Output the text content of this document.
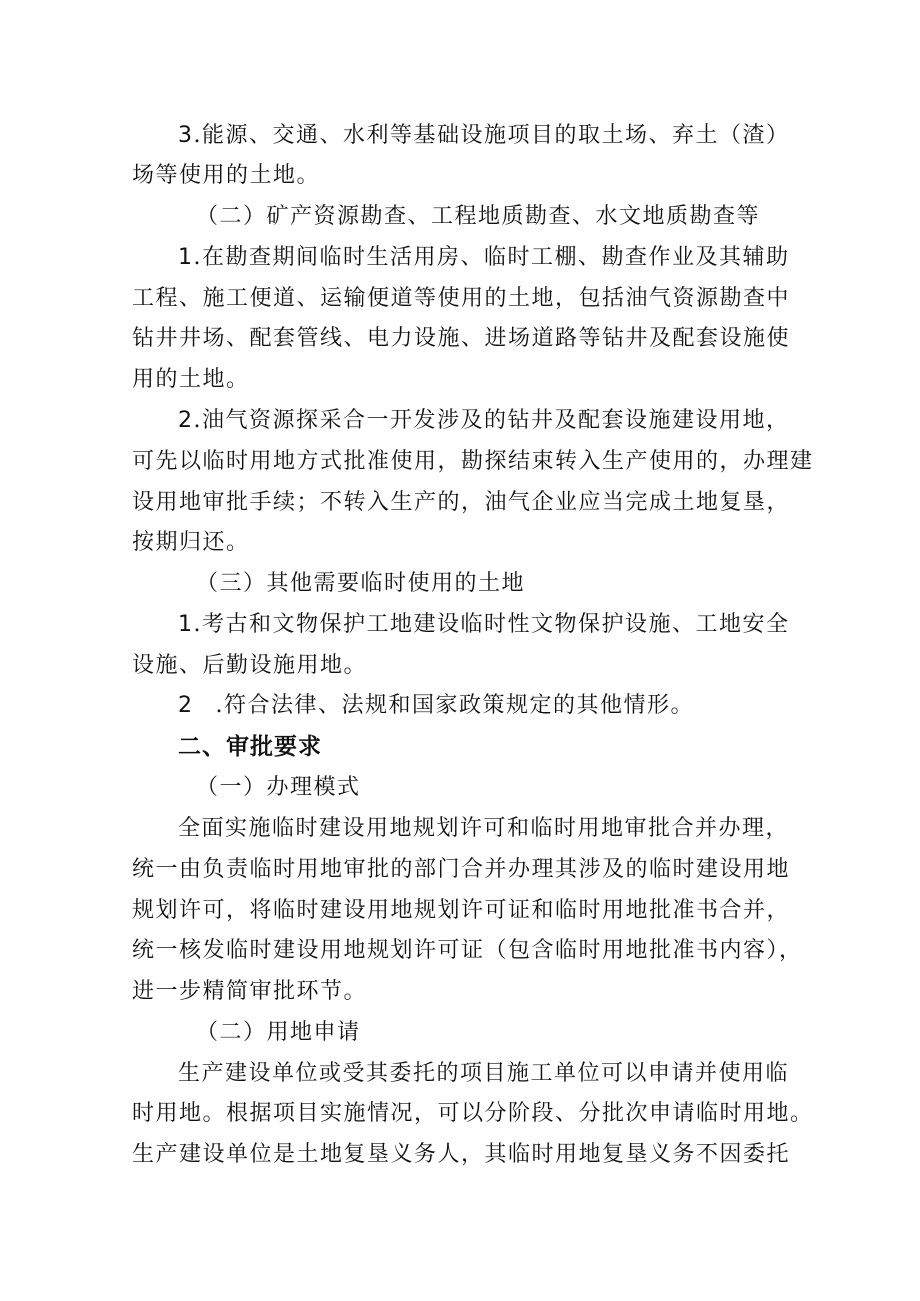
3.能源、交通、水利等基础设施项目的取土场、弃土（渣）
场等使用的土地。
（二）矿产资源勘查、工程地质勘查、水文地质勘查等
1.在勘查期间临时生活用房、临时工棚、勘查作业及其辅助
工程、施工便道、运输便道等使用的土地，包括油气资源勘查中
钻井井场、配套管线、电力设施、进场道路等钻井及配套设施使
用的土地。
2.油气资源探采合一开发涉及的钻井及配套设施建设用地，
可先以临时用地方式批准使用，勘探结束转入生产使用的，办理建
设用地审批手续；不转入生产的，油气企业应当完成土地复垦，
按期归还。
（三）其他需要临时使用的土地
1.考古和文物保护工地建设临时性文物保护设施、工地安全
设施、后勤设施用地。
2 .符合法律、法规和国家政策规定的其他情形。
二、审批要求
（一）办理模式
全面实施临时建设用地规划许可和临时用地审批合并办理，
统一由负责临时用地审批的部门合并办理其涉及的临时建设用地
规划许可，将临时建设用地规划许可证和临时用地批准书合并，
统一核发临时建设用地规划许可证（包含临时用地批准书内容），
进一步精简审批环节。
（二）用地申请
生产建设单位或受其委托的项目施工单位可以申请并使用临
时用地。根据项目实施情况，可以分阶段、分批次申请临时用地。
生产建设单位是土地复垦义务人，其临时用地复垦义务不因委托
